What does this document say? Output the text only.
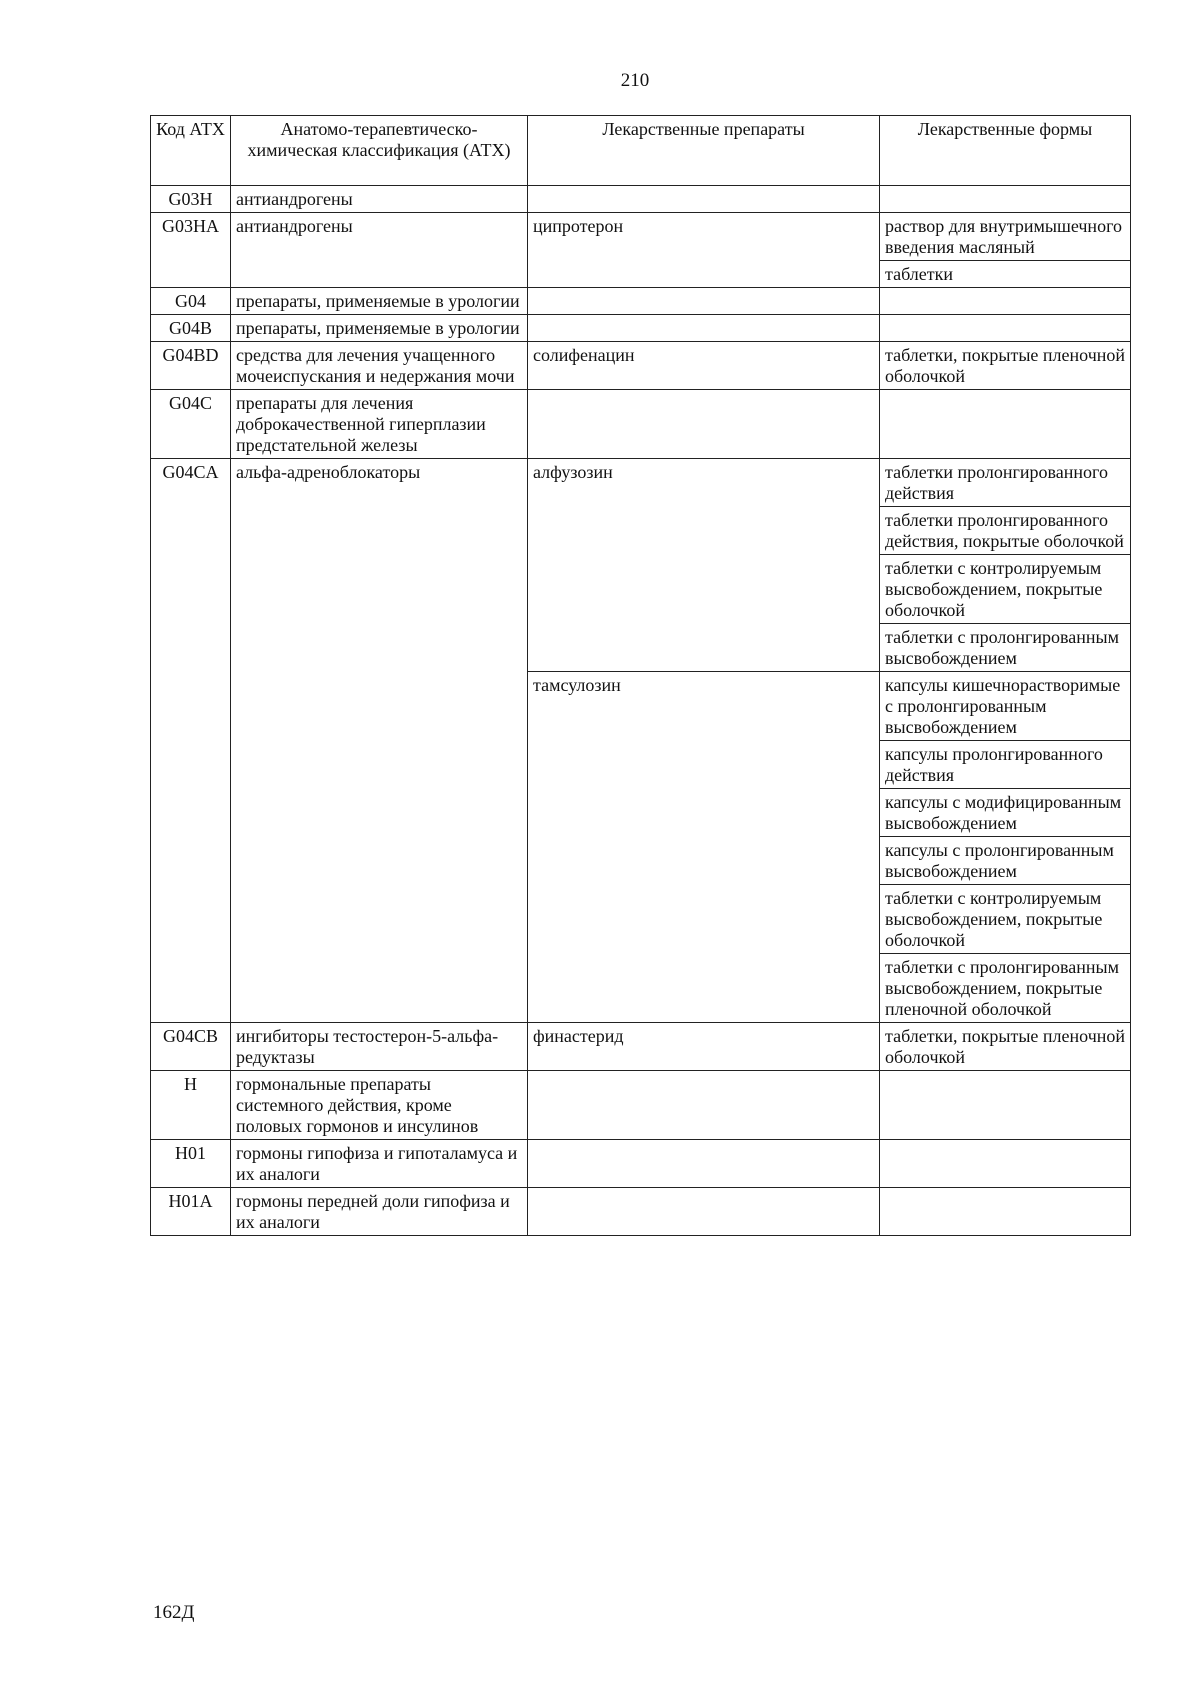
210
Код АТХ	Анатомо-терапевтическо-химическая классификация (АТХ)	Лекарственные препараты	Лекарственные формы
G03H	антиандрогены		
G03HA	антиандрогены	ципротерон	раствор для внутримышечного введения масляный
			таблетки
G04	препараты, применяемые в урологии		
G04B	препараты, применяемые в урологии		
G04BD	средства для лечения учащенного мочеиспускания и недержания мочи	солифенацин	таблетки, покрытые пленочной оболочкой
G04C	препараты для лечения доброкачественной гиперплазии предстательной железы		
G04CA	альфа-адреноблокаторы	алфузозин	таблетки пролонгированного действия
			таблетки пролонгированного действия, покрытые оболочкой
			таблетки с контролируемым высвобождением, покрытые оболочкой
			таблетки с пролонгированным высвобождением
		тамсулозин	капсулы кишечнорастворимые с пролонгированным высвобождением
			капсулы пролонгированного действия
			капсулы с модифицированным высвобождением
			капсулы с пролонгированным высвобождением
			таблетки с контролируемым высвобождением, покрытые оболочкой
			таблетки с пролонгированным высвобождением, покрытые пленочной оболочкой
G04CB	ингибиторы тестостерон-5-альфа-редуктазы	финастерид	таблетки, покрытые пленочной оболочкой
H	гормональные препараты системного действия, кроме половых гормонов и инсулинов		
H01	гормоны гипофиза и гипоталамуса и их аналоги		
H01A	гормоны передней доли гипофиза и их аналоги		
162Д
